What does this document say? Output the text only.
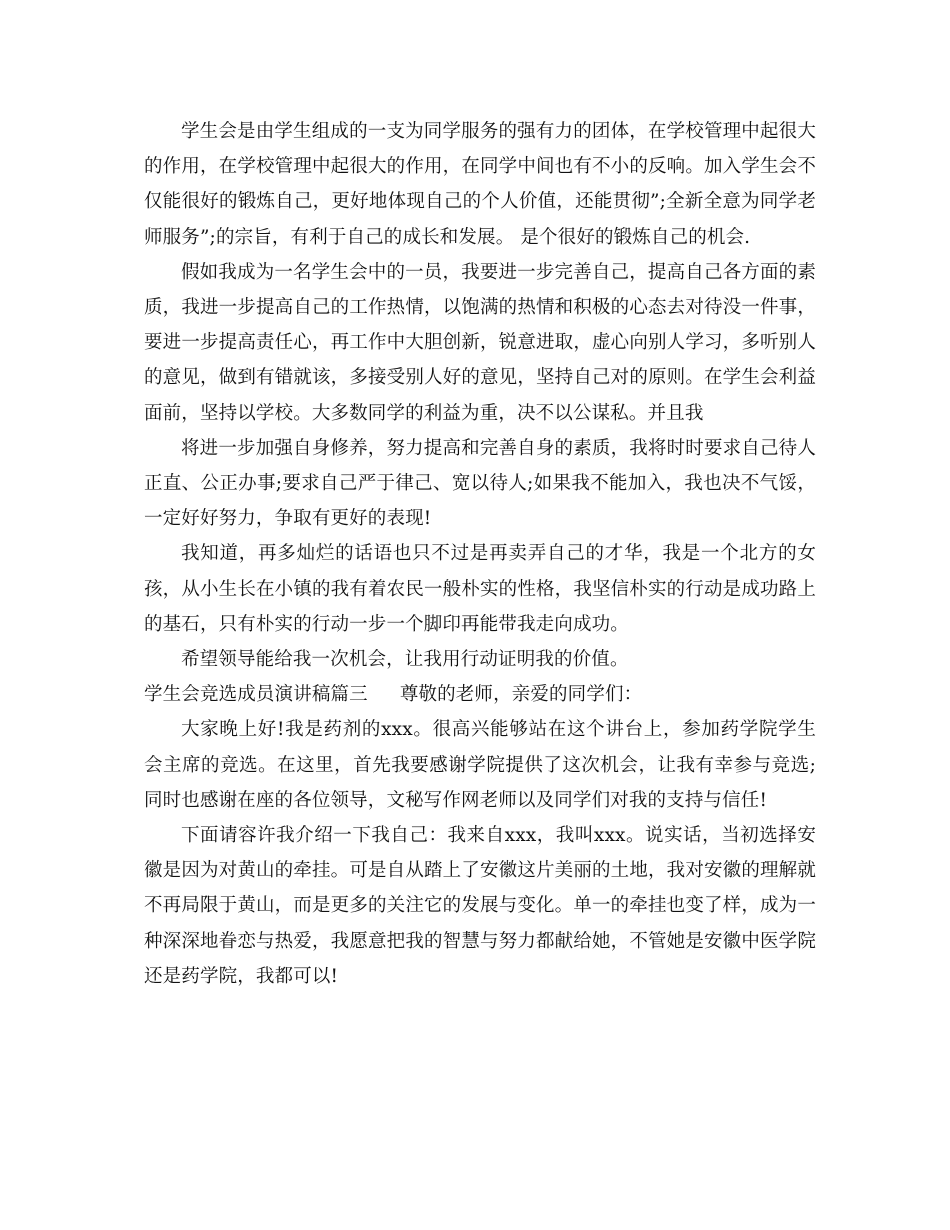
学生会是由学生组成的一支为同学服务的强有力的团体，在学校管理中起很大的作用，在学校管理中起很大的作用，在同学中间也有不小的反响。加入学生会不仅能很好的锻炼自己，更好地体现自己的个人价值，还能贯彻”;全新全意为同学老师服务”;的宗旨，有利于自己的成长和发展。 是个很好的锻炼自己的机会.

假如我成为一名学生会中的一员，我要进一步完善自己，提高自己各方面的素质，我进一步提高自己的工作热情，以饱满的热情和积极的心态去对待没一件事，要进一步提高责任心，再工作中大胆创新，锐意进取，虚心向别人学习，多听别人的意见，做到有错就该，多接受别人好的意见，坚持自己对的原则。在学生会利益面前，坚持以学校。大多数同学的利益为重，决不以公谋私。并且我

将进一步加强自身修养，努力提高和完善自身的素质，我将时时要求自己待人正直、公正办事;要求自己严于律己、宽以待人;如果我不能加入，我也决不气馁，一定好好努力，争取有更好的表现!

我知道，再多灿烂的话语也只不过是再卖弄自己的才华，我是一个北方的女孩，从小生长在小镇的我有着农民一般朴实的性格，我坚信朴实的行动是成功路上的基石，只有朴实的行动一步一个脚印再能带我走向成功。

希望领导能给我一次机会，让我用行动证明我的价值。

学生会竞选成员演讲稿篇三 尊敬的老师，亲爱的同学们：

大家晚上好!我是药剂的xxx。很高兴能够站在这个讲台上，参加药学院学生会主席的竞选。在这里，首先我要感谢学院提供了这次机会，让我有幸参与竞选;同时也感谢在座的各位领导，文秘写作网老师以及同学们对我的支持与信任!

下面请容许我介绍一下我自己：我来自xxx，我叫xxx。说实话，当初选择安徽是因为对黄山的牵挂。可是自从踏上了安徽这片美丽的土地，我对安徽的理解就不再局限于黄山，而是更多的关注它的发展与变化。单一的牵挂也变了样，成为一种深深地眷恋与热爱，我愿意把我的智慧与努力都献给她，不管她是安徽中医学院还是药学院，我都可以!
